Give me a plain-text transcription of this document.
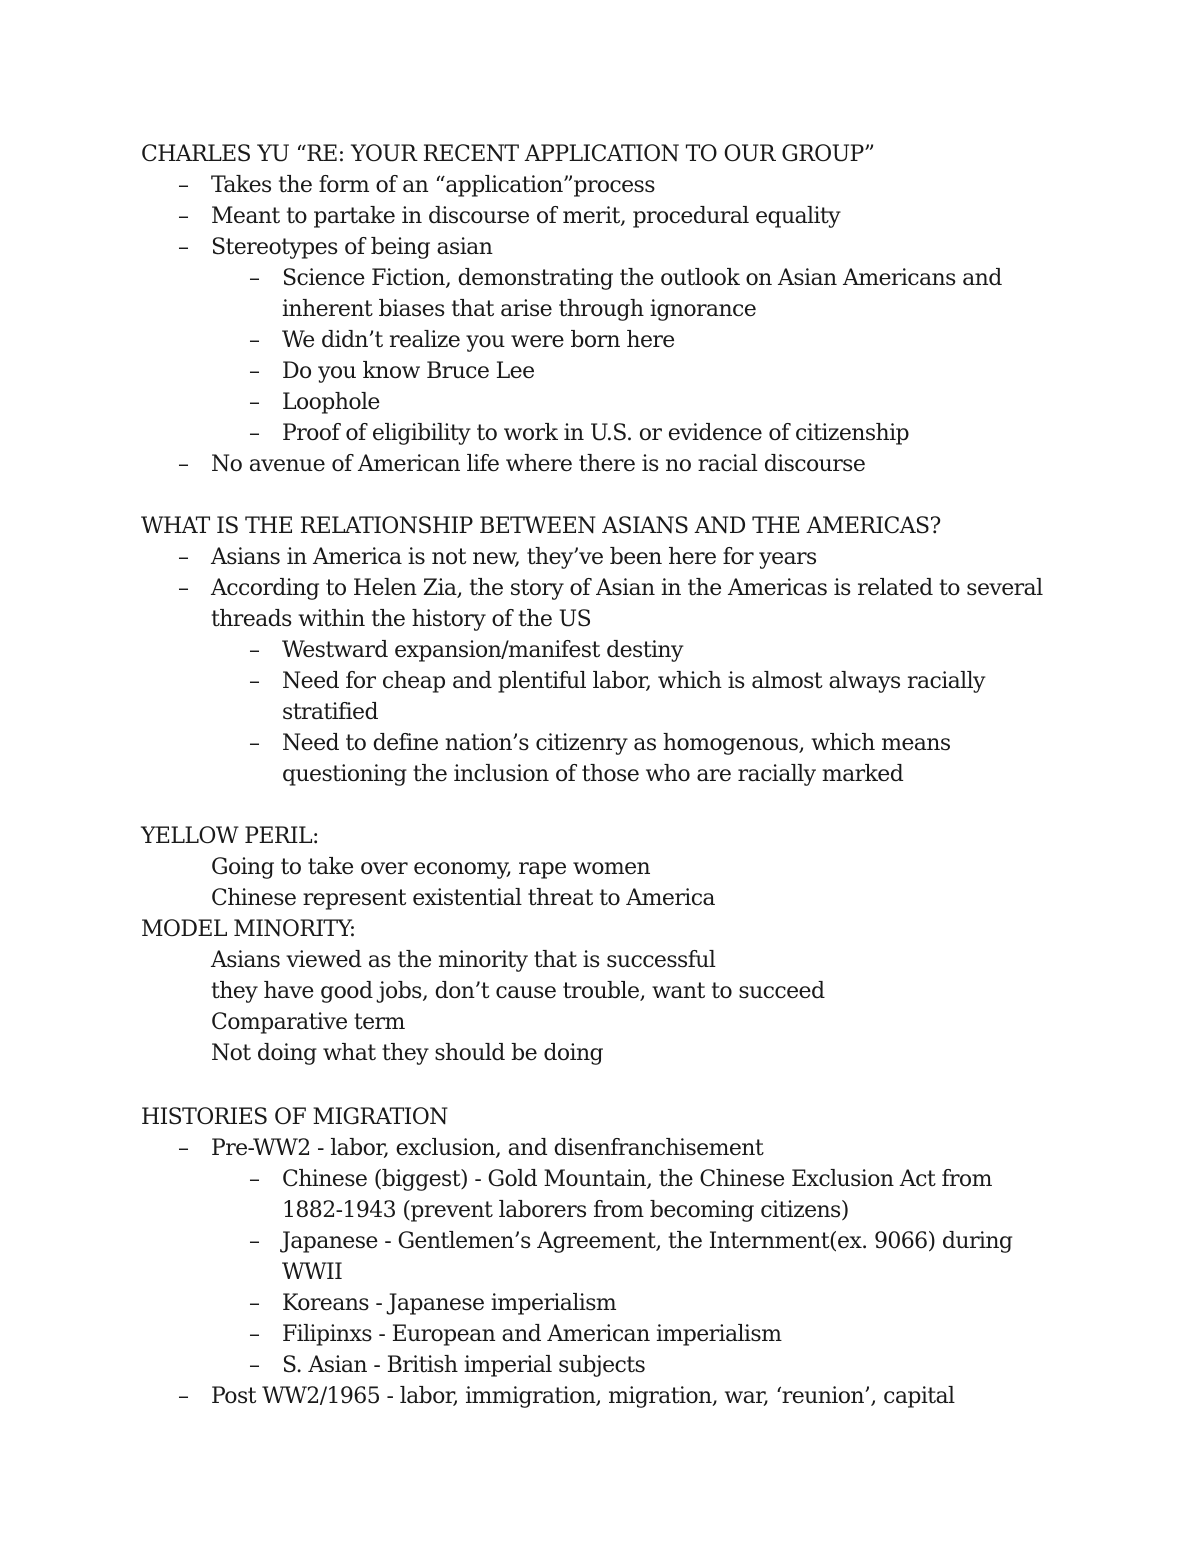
CHARLES YU “RE: YOUR RECENT APPLICATION TO OUR GROUP”
– Takes the form of an “application”process
– Meant to partake in discourse of merit, procedural equality
– Stereotypes of being asian
– Science Fiction, demonstrating the outlook on Asian Americans and
inherent biases that arise through ignorance
– We didn’t realize you were born here
– Do you know Bruce Lee
– Loophole
– Proof of eligibility to work in U.S. or evidence of citizenship
– No avenue of American life where there is no racial discourse
WHAT IS THE RELATIONSHIP BETWEEN ASIANS AND THE AMERICAS?
– Asians in America is not new, they’ve been here for years
– According to Helen Zia, the story of Asian in the Americas is related to several
threads within the history of the US
– Westward expansion/manifest destiny
– Need for cheap and plentiful labor, which is almost always racially
stratified
– Need to define nation’s citizenry as homogenous, which means
questioning the inclusion of those who are racially marked
YELLOW PERIL:
Going to take over economy, rape women
Chinese represent existential threat to America
MODEL MINORITY:
Asians viewed as the minority that is successful
they have good jobs, don’t cause trouble, want to succeed
Comparative term
Not doing what they should be doing
HISTORIES OF MIGRATION
– Pre-WW2 - labor, exclusion, and disenfranchisement
– Chinese (biggest) - Gold Mountain, the Chinese Exclusion Act from
1882-1943 (prevent laborers from becoming citizens)
– Japanese - Gentlemen’s Agreement, the Internment(ex. 9066) during
WWII
– Koreans - Japanese imperialism
– Filipinxs - European and American imperialism
– S. Asian - British imperial subjects
– Post WW2/1965 - labor, immigration, migration, war, ‘reunion’, capital
